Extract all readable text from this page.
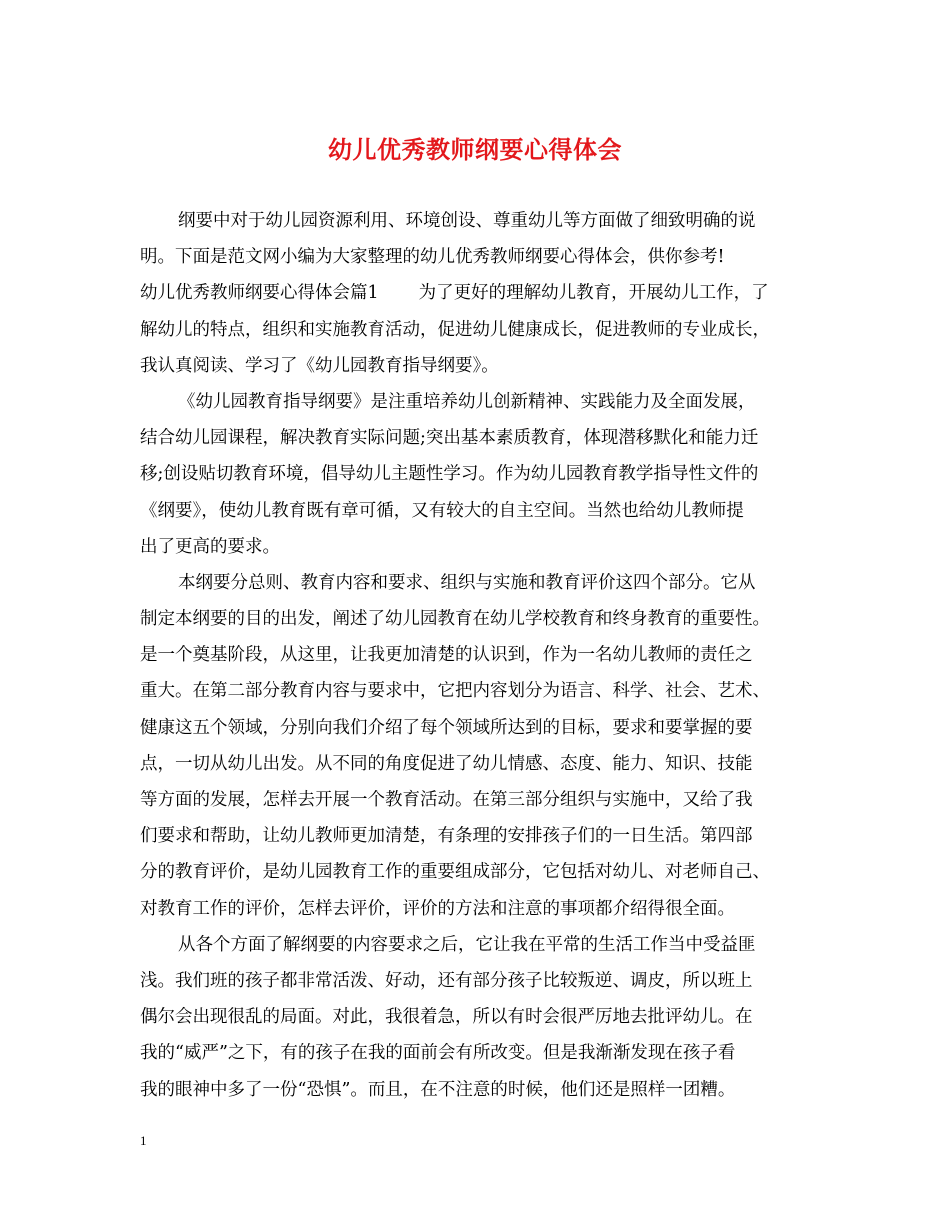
幼儿优秀教师纲要心得体会
纲要中对于幼儿园资源利用、环境创设、尊重幼儿等方面做了细致明确的说
明。下面是范文网小编为大家整理的幼儿优秀教师纲要心得体会，供你参考!
幼儿优秀教师纲要心得体会篇1 为了更好的理解幼儿教育，开展幼儿工作，了
解幼儿的特点，组织和实施教育活动，促进幼儿健康成长，促进教师的专业成长，
我认真阅读、学习了《幼儿园教育指导纲要》。
《幼儿园教育指导纲要》是注重培养幼儿创新精神、实践能力及全面发展，
结合幼儿园课程，解决教育实际问题;突出基本素质教育，体现潜移默化和能力迁
移;创设贴切教育环境，倡导幼儿主题性学习。作为幼儿园教育教学指导性文件的
《纲要》，使幼儿教育既有章可循，又有较大的自主空间。当然也给幼儿教师提
出了更高的要求。
本纲要分总则、教育内容和要求、组织与实施和教育评价这四个部分。它从
制定本纲要的目的出发，阐述了幼儿园教育在幼儿学校教育和终身教育的重要性。
是一个奠基阶段，从这里，让我更加清楚的认识到，作为一名幼儿教师的责任之
重大。在第二部分教育内容与要求中，它把内容划分为语言、科学、社会、艺术、
健康这五个领域，分别向我们介绍了每个领域所达到的目标，要求和要掌握的要
点，一切从幼儿出发。从不同的角度促进了幼儿情感、态度、能力、知识、技能
等方面的发展，怎样去开展一个教育活动。在第三部分组织与实施中，又给了我
们要求和帮助，让幼儿教师更加清楚，有条理的安排孩子们的一日生活。第四部
分的教育评价，是幼儿园教育工作的重要组成部分，它包括对幼儿、对老师自己、
对教育工作的评价，怎样去评价，评价的方法和注意的事项都介绍得很全面。
从各个方面了解纲要的内容要求之后，它让我在平常的生活工作当中受益匪
浅。我们班的孩子都非常活泼、好动，还有部分孩子比较叛逆、调皮，所以班上
偶尔会出现很乱的局面。对此，我很着急，所以有时会很严厉地去批评幼儿。在
我的“威严”之下，有的孩子在我的面前会有所改变。但是我渐渐发现在孩子看
我的眼神中多了一份“恐惧”。而且，在不注意的时候，他们还是照样一团糟。
1
